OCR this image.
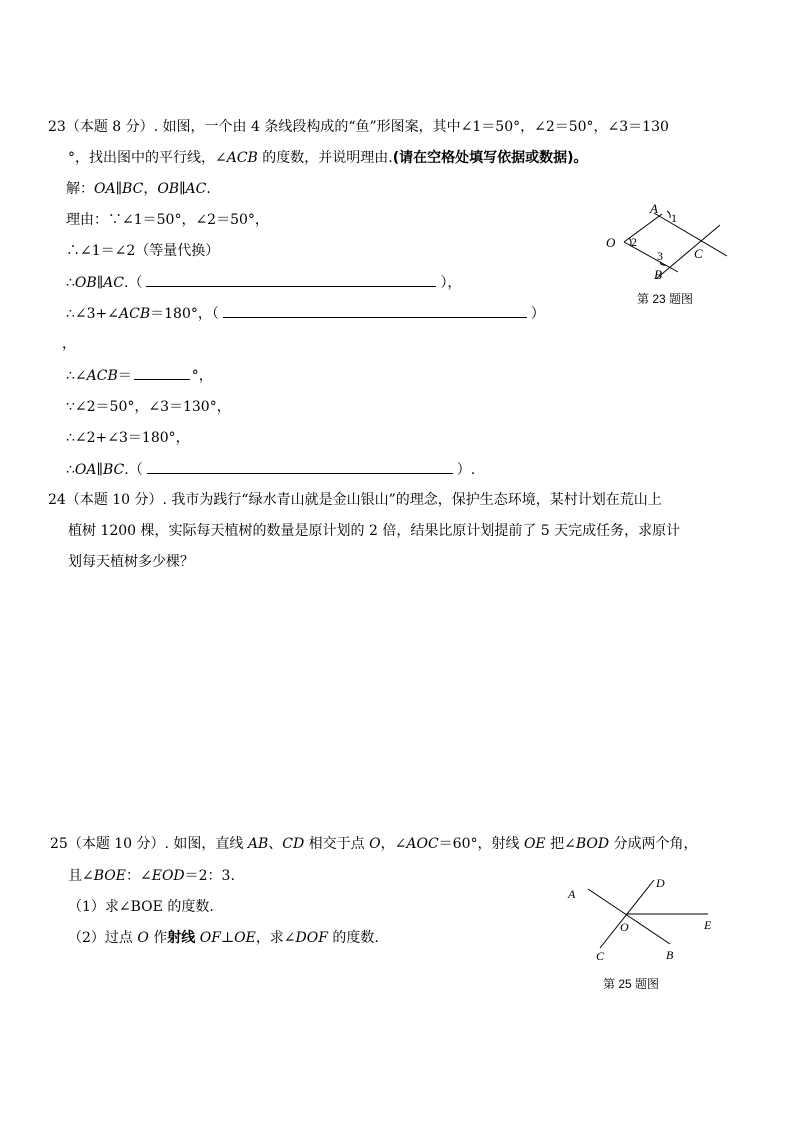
23（本题 8 分）. 如图，一个由 4 条线段构成的“鱼”形图案，其中∠1＝50°，∠2＝50°，∠3＝130
°，找出图中的平行线，∠ACB 的度数，并说明理由.(请在空格处填写依据或数据)。
解：OA∥BC，OB∥AC.
理由：∵∠1＝50°，∠2＝50°，
∴∠1＝∠2（等量代换）
∴OB∥AC.（	），
∴∠3+∠ACB＝180°，（	）
，
∴∠ACB＝	°，
∵∠2＝50°，∠3＝130°，
∴∠2+∠3＝180°，
∴OA∥BC.（	）.
A
1
O 2
3
B
C
第 23 题图
24（本题 10 分）. 我市为践行“绿水青山就是金山银山”的理念，保护生态环境，某村计划在荒山上
植树 1200 棵，实际每天植树的数量是原计划的 2 倍，结果比原计划提前了 5 天完成任务，求原计
划每天植树多少棵？
25（本题 10 分）. 如图，直线 AB、CD 相交于点 O，∠AOC＝60°，射线 OE 把∠BOD 分成两个角，
且∠BOE：∠EOD＝2：3.
（1）求∠BOE 的度数.
（2）过点 O 作射线 OF⊥OE，求∠DOF 的度数.
A
D
O	E
C	B
第 25 题图
